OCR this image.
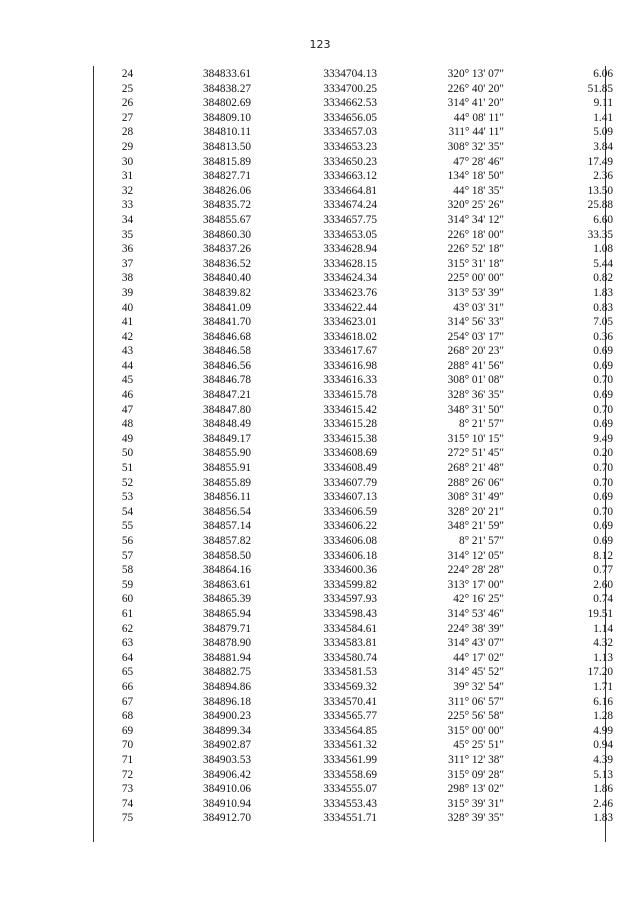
123
24	384833.61	3334704.13	320° 13' 07"	6.06
25	384838.27	3334700.25	226° 40' 20"	51.85
26	384802.69	3334662.53	314° 41' 20"	9.11
27	384809.10	3334656.05	44° 08' 11"	1.41
28	384810.11	3334657.03	311° 44' 11"	5.09
29	384813.50	3334653.23	308° 32' 35"	3.84
30	384815.89	3334650.23	47° 28' 46"	17.49
31	384827.71	3334663.12	134° 18' 50"	2.36
32	384826.06	3334664.81	44° 18' 35"	13.50
33	384835.72	3334674.24	320° 25' 26"	25.88
34	384855.67	3334657.75	314° 34' 12"	6.60
35	384860.30	3334653.05	226° 18' 00"	33.35
36	384837.26	3334628.94	226° 52' 18"	1.08
37	384836.52	3334628.15	315° 31' 18"	5.44
38	384840.40	3334624.34	225° 00' 00"	0.82
39	384839.82	3334623.76	313° 53' 39"	1.83
40	384841.09	3334622.44	43° 03' 31"	0.83
41	384841.70	3334623.01	314° 56' 33"	7.05
42	384846.68	3334618.02	254° 03' 17"	0.36
43	384846.58	3334617.67	268° 20' 23"	0.69
44	384846.56	3334616.98	288° 41' 56"	0.69
45	384846.78	3334616.33	308° 01' 08"	0.70
46	384847.21	3334615.78	328° 36' 35"	0.69
47	384847.80	3334615.42	348° 31' 50"	0.70
48	384848.49	3334615.28	8° 21' 57"	0.69
49	384849.17	3334615.38	315° 10' 15"	9.49
50	384855.90	3334608.69	272° 51' 45"	0.20
51	384855.91	3334608.49	268° 21' 48"	0.70
52	384855.89	3334607.79	288° 26' 06"	0.70
53	384856.11	3334607.13	308° 31' 49"	0.69
54	384856.54	3334606.59	328° 20' 21"	0.70
55	384857.14	3334606.22	348° 21' 59"	0.69
56	384857.82	3334606.08	8° 21' 57"	0.69
57	384858.50	3334606.18	314° 12' 05"	8.12
58	384864.16	3334600.36	224° 28' 28"	0.77
59	384863.61	3334599.82	313° 17' 00"	2.60
60	384865.39	3334597.93	42° 16' 25"	0.74
61	384865.94	3334598.43	314° 53' 46"	19.51
62	384879.71	3334584.61	224° 38' 39"	1.14
63	384878.90	3334583.81	314° 43' 07"	4.32
64	384881.94	3334580.74	44° 17' 02"	1.13
65	384882.75	3334581.53	314° 45' 52"	17.20
66	384894.86	3334569.32	39° 32' 54"	1.71
67	384896.18	3334570.41	311° 06' 57"	6.16
68	384900.23	3334565.77	225° 56' 58"	1.28
69	384899.34	3334564.85	315° 00' 00"	4.99
70	384902.87	3334561.32	45° 25' 51"	0.94
71	384903.53	3334561.99	311° 12' 38"	4.39
72	384906.42	3334558.69	315° 09' 28"	5.13
73	384910.06	3334555.07	298° 13' 02"	1.86
74	384910.94	3334553.43	315° 39' 31"	2.46
75	384912.70	3334551.71	328° 39' 35"	1.83
